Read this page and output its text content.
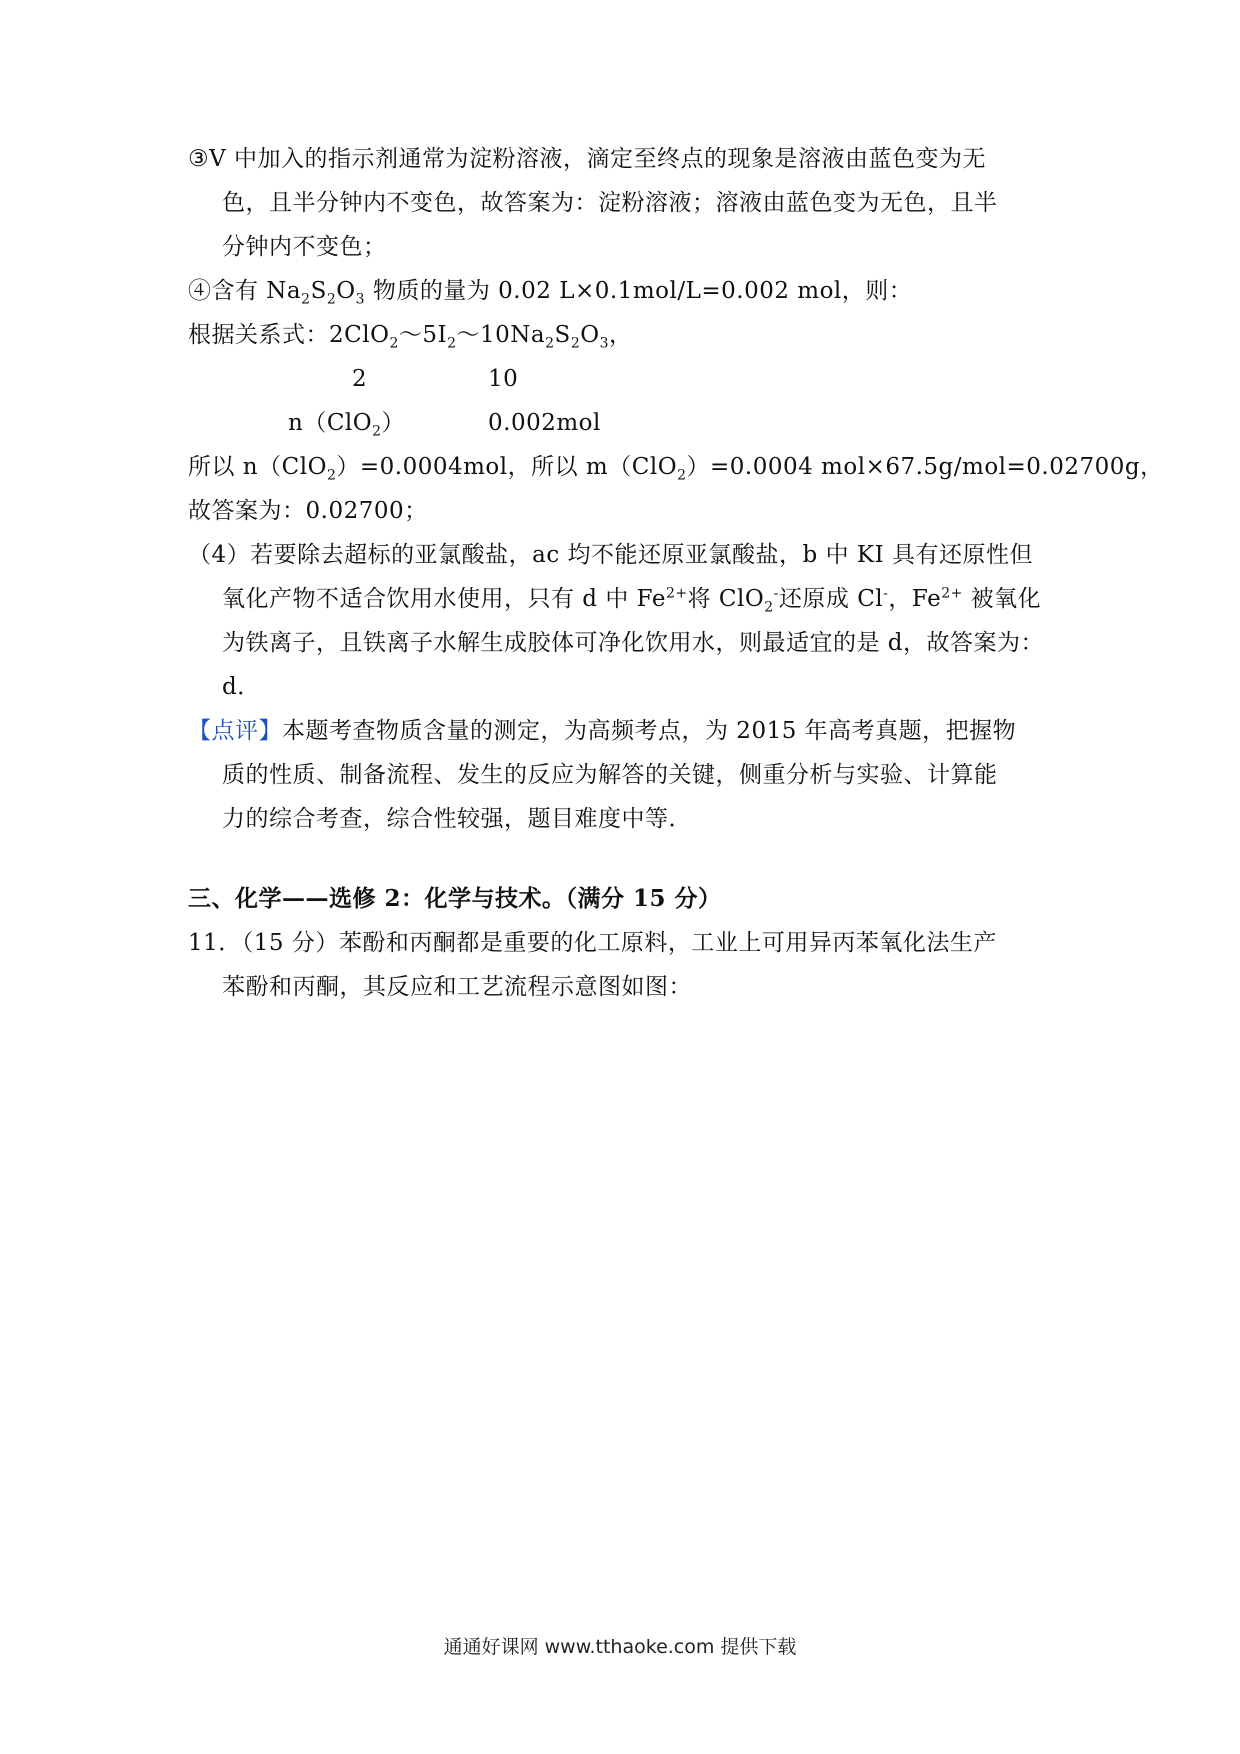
③V 中加入的指示剂通常为淀粉溶液，滴定至终点的现象是溶液由蓝色变为无
色，且半分钟内不变色，故答案为：淀粉溶液；溶液由蓝色变为无色，且半
分钟内不变色；
④含有 $Na_2S_2O_3$ 物质的量为 0.02 L×0.1mol/L=0.002 mol，则：
根据关系式：$2ClO_2\sim 5I_2\sim 10Na_2S_2O_3$，
2	10
n（ClO$_2$）	0.002mol
所以 n（ClO$_2$）=0.0004mol，所以 m（ClO$_2$）=0.0004 mol×67.5g/mol=0.02700g，
故答案为：0.02700；
（4）若要除去超标的亚氯酸盐，ac 均不能还原亚氯酸盐，b 中 KI 具有还原性但
氧化产物不适合饮用水使用，只有 d 中 $Fe^{2+}$将 ClO$_2$-还原成 Cl-，$Fe^{2+}$ 被氧化
为铁离子，且铁离子水解生成胶体可净化饮用水，则最适宜的是 d，故答案为：
d．
【点评】本题考查物质含量的测定，为高频考点，为 2015 年高考真题，把握物
质的性质、制备流程、发生的反应为解答的关键，侧重分析与实验、计算能
力的综合考查，综合性较强，题目难度中等．
三、化学——选修 2：化学与技术。（满分 15 分）
11．（15 分）苯酚和丙酮都是重要的化工原料，工业上可用异丙苯氧化法生产
苯酚和丙酮，其反应和工艺流程示意图如图：
通通好课网 www.tthaoke.com 提供下载
